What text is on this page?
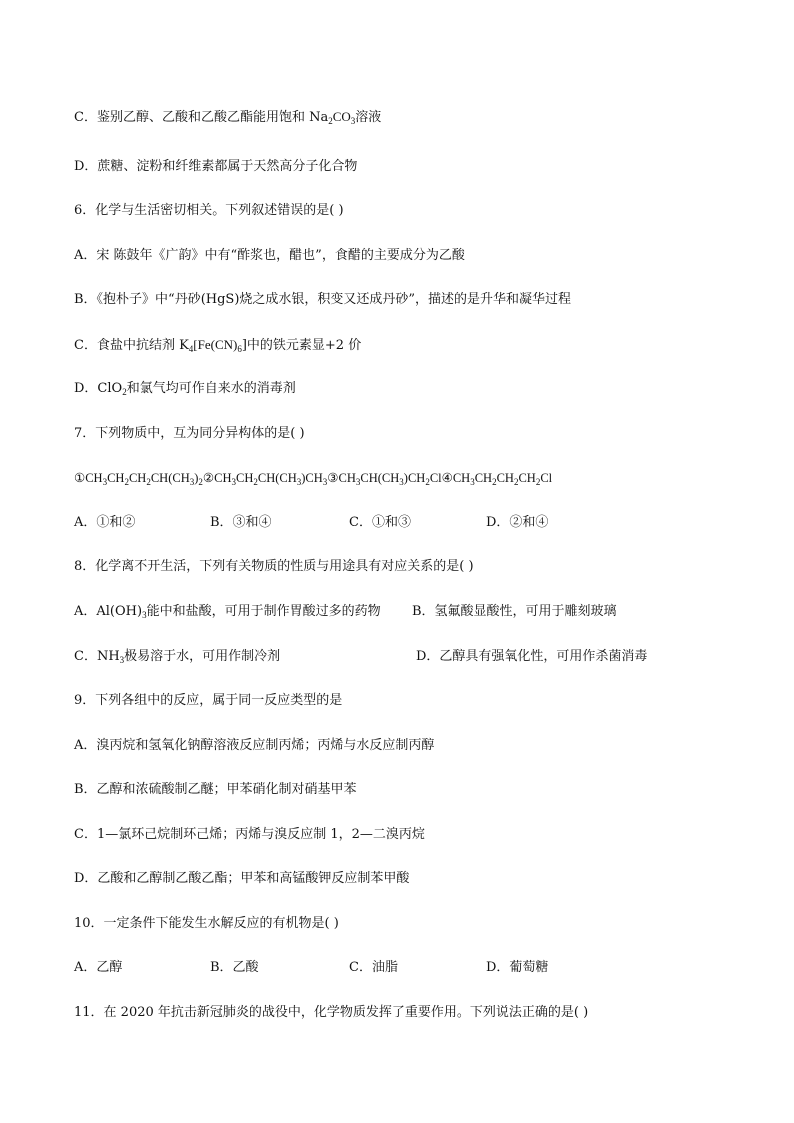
C．鉴别乙醇、乙酸和乙酸乙酯能用饱和 $Na_2CO_3$溶液
D．蔗糖、淀粉和纤维素都属于天然高分子化合物
6．化学与生活密切相关。下列叙述错误的是( )
A．宋 陈鼓年《广韵》中有“酢浆也，醋也”，食醋的主要成分为乙酸
B．《抱朴子》中“丹砂(HgS)烧之成水银，积变又还成丹砂”，描述的是升华和凝华过程
C．食盐中抗结剂 $K_4[Fe(CN)_6]$中的铁元素显+2 价
D．ClO$_2$和氯气均可作自来水的消毒剂
7．下列物质中，互为同分异构体的是( )
$①CH_3CH_2CH_2CH(CH_3)_2②CH_3CH_2CH(CH_3)CH_3③CH_3CH(CH_3)CH_2Cl④CH_3CH_2CH_2CH_2Cl$
A．①和②	B．③和④	C．①和③	D．②和④
8．化学离不开生活，下列有关物质的性质与用途具有对应关系的是( )
A．$Al(OH)_3$能中和盐酸，可用于制作胃酸过多的药物 B．氢氟酸显酸性，可用于雕刻玻璃
C．$NH_3$极易溶于水，可用作制冷剂	D．乙醇具有强氧化性，可用作杀菌消毒
9．下列各组中的反应，属于同一反应类型的是
A．溴丙烷和氢氧化钠醇溶液反应制丙烯；丙烯与水反应制丙醇
B．乙醇和浓硫酸制乙醚；甲苯硝化制对硝基甲苯
C．1—氯环己烷制环己烯；丙烯与溴反应制 1，2—二溴丙烷
D．乙酸和乙醇制乙酸乙酯；甲苯和高锰酸钾反应制苯甲酸
10．一定条件下能发生水解反应的有机物是( )
A．乙醇	B．乙酸	C．油脂	D．葡萄糖
11．在 2020 年抗击新冠肺炎的战役中，化学物质发挥了重要作用。下列说法正确的是( )
